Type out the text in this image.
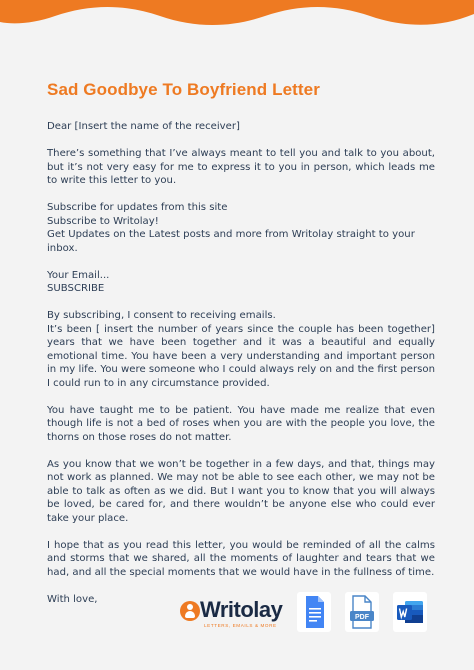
Sad Goodbye To Boyfriend Letter

Dear [Insert the name of the receiver]

There’s something that I’ve always meant to tell you and talk to you about, but it’s not very easy for me to express it to you in person, which leads me to write this letter to you.

Subscribe for updates from this site
Subscribe to Writolay!
Get Updates on the Latest posts and more from Writolay straight to your inbox.

Your Email...
SUBSCRIBE

By subscribing, I consent to receiving emails.
It’s been [ insert the number of years since the couple has been together] years that we have been together and it was a beautiful and equally emotional time. You have been a very understanding and important person in my life. You were someone who I could always rely on and the first person I could run to in any circumstance provided.

You have taught me to be patient. You have made me realize that even though life is not a bed of roses when you are with the people you love, the thorns on those roses do not matter.

As you know that we won’t be together in a few days, and that, things may not work as planned. We may not be able to see each other, we may not be able to talk as often as we did. But I want you to know that you will always be loved, be cared for, and there wouldn’t be anyone else who could ever take your place.

I hope that as you read this letter, you would be reminded of all the calms and storms that we shared, all the moments of laughter and tears that we had, and all the special moments that we would have in the fullness of time.

With love,	Writolay
LETTERS, EMAILS & MORE
PDF
